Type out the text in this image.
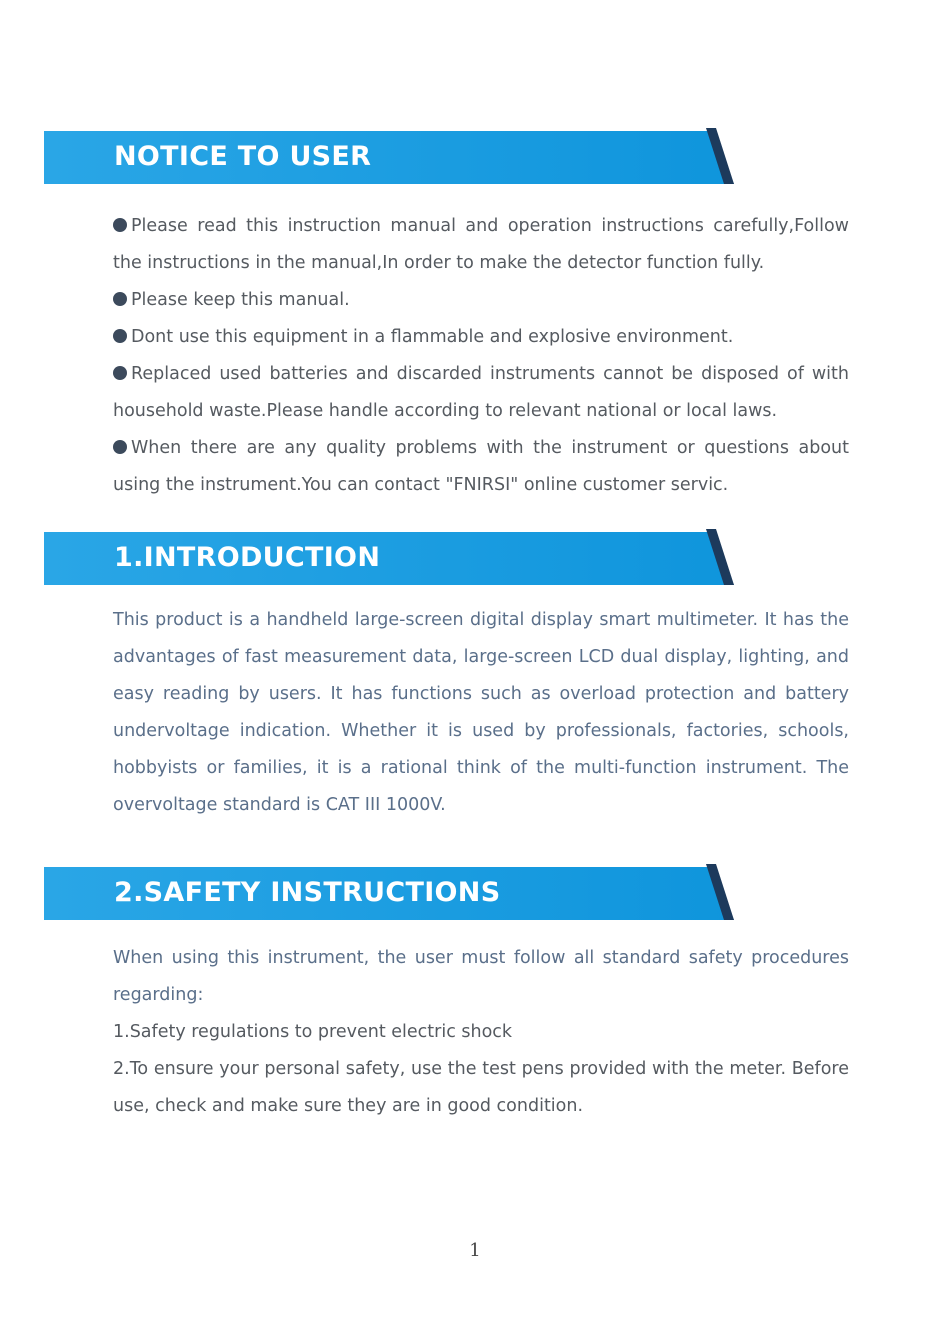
NOTICE TO USER

Please read this instruction manual and operation instructions carefully,Follow the instructions in the manual,In order to make the detector function fully.

Please keep this manual.

Dont use this equipment in a flammable and explosive environment.

Replaced used batteries and discarded instruments cannot be disposed of with household waste.Please handle according to relevant national or local laws.

When there are any quality problems with the instrument or questions about using the instrument.You can contact "FNIRSI" online customer servic.

1.INTRODUCTION

This product is a handheld large-screen digital display smart multimeter. It has the advantages of fast measurement data, large-screen LCD dual display, lighting, and easy reading by users. It has functions such as overload protection and battery undervoltage indication. Whether it is used by professionals, factories, schools, hobbyists or families, it is a rational think of the multi-function instrument. The overvoltage standard is CAT III 1000V.

2.SAFETY INSTRUCTIONS

When using this instrument, the user must follow all standard safety procedures regarding:

1.Safety regulations to prevent electric shock

2.To ensure your personal safety, use the test pens provided with the meter. Before use, check and make sure they are in good condition.

1
